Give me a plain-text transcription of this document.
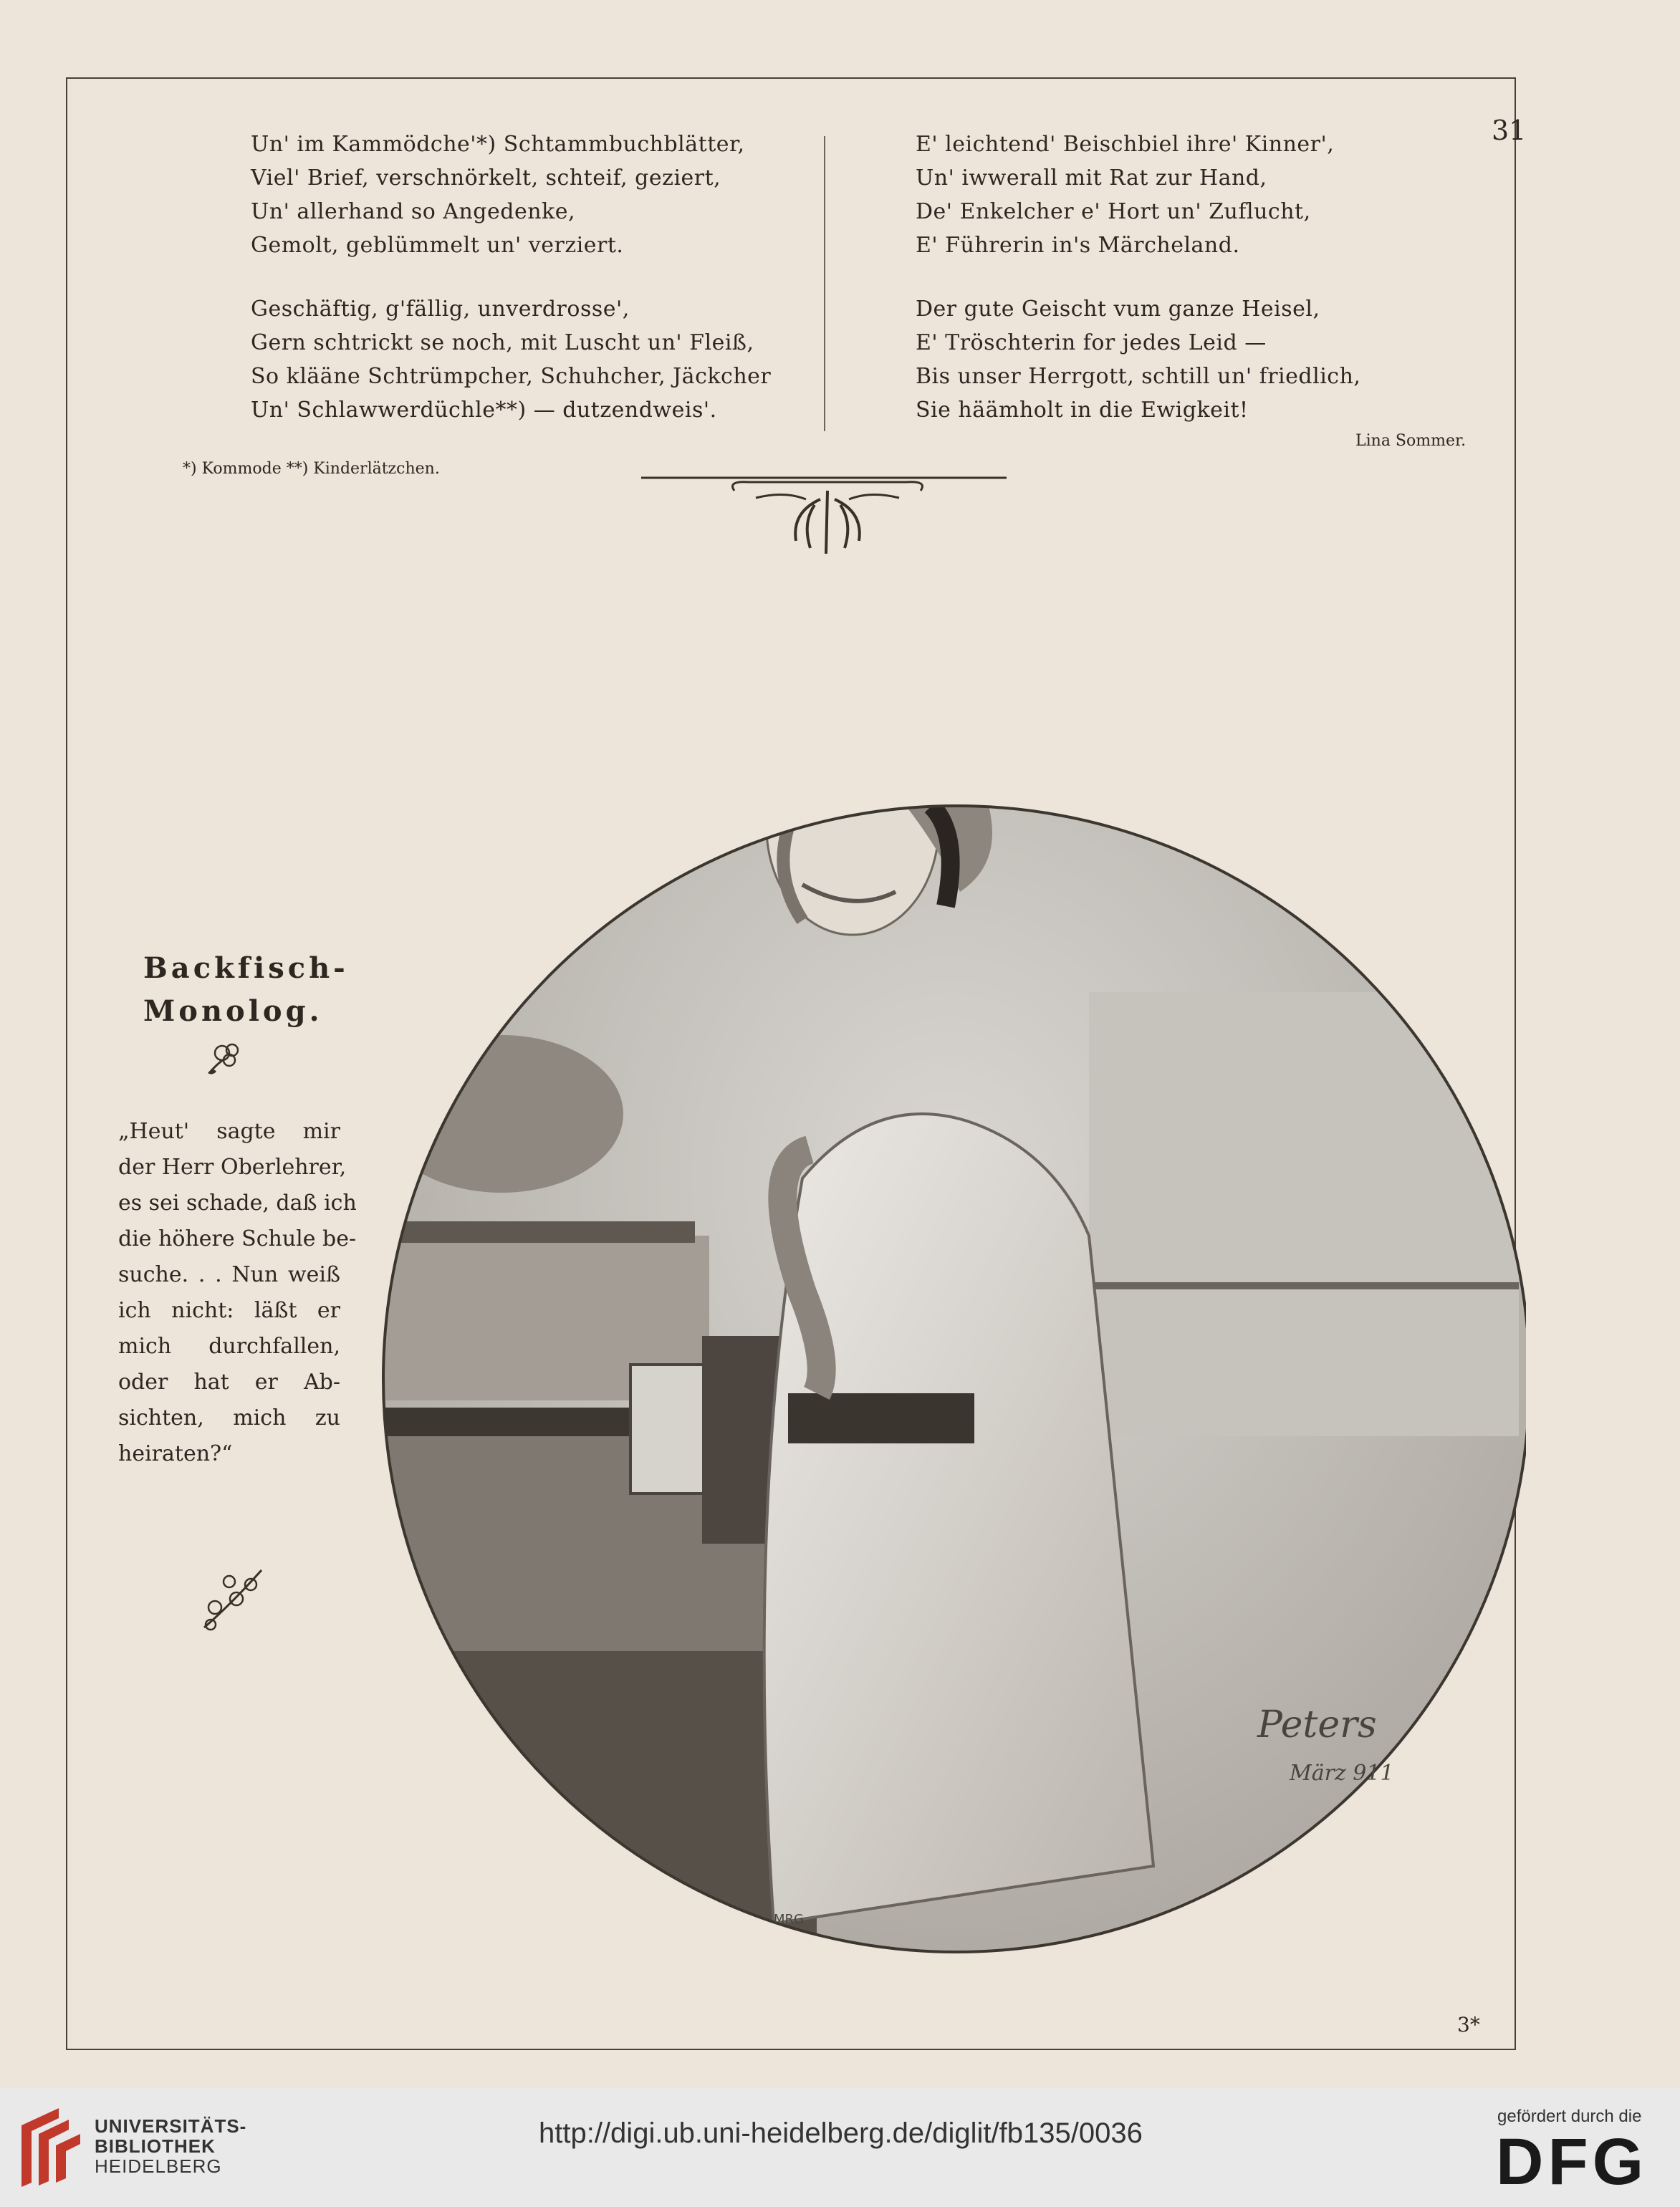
31
Un' im Kammödche'*) Schtammbuchblätter,
Viel' Brief, verschnörkelt, schteif, geziert,
Un' allerhand so Angedenke,
Gemolt, geblümmelt un' verziert.
Geschäftig, g'fällig, unverdrosse',
Gern schtrickt se noch, mit Luscht un' Fleiß,
So klääne Schtrümpcher, Schuhcher, Jäckcher
Un' Schlawwerdüchle**) — dutzendweis'.
E' leichtend' Beischbiel ihre' Kinner',
Un' iwwerall mit Rat zur Hand,
De' Enkelcher e' Hort un' Zuflucht,
E' Führerin in's Märcheland.
Der gute Geischt vum ganze Heisel,
E' Tröschterin for jedes Leid —
Bis unser Herrgott, schtill un' friedlich,
Sie häämholt in die Ewigkeit!
Lina Sommer.
*) Kommode **) Kinderlätzchen.
Backfisch-
Monolog.
„Heut' sagte mir
der Herr Oberlehrer,
es sei schade, daß ich
die höhere Schule be-
suche. . . Nun weiß
ich nicht: läßt er
mich durchfallen,
oder hat er Ab-
sichten, mich zu
heiraten?“
Peters
März 911
MRG
3*
UNIVERSITÄTS-
BIBLIOTHEK
HEIDELBERG
http://digi.ub.uni-heidelberg.de/diglit/fb135/0036
gefördert durch die
DFG
